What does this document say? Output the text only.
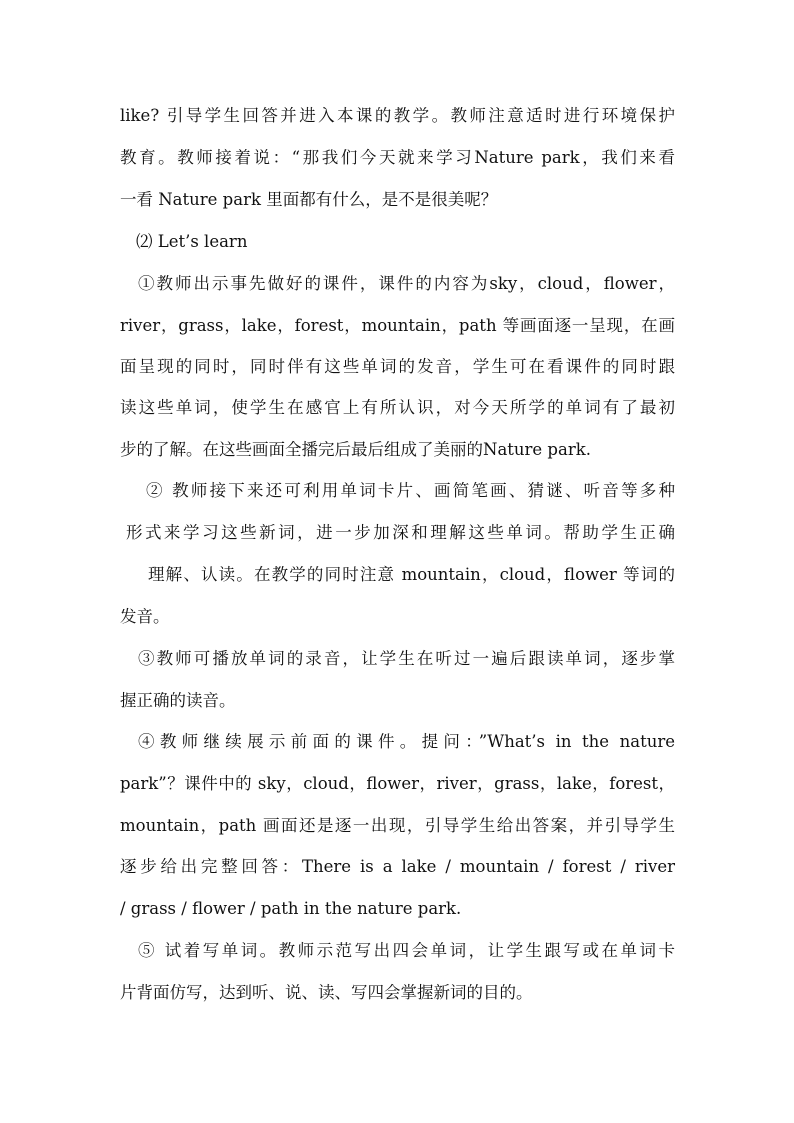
like? 引导学生回答并进入本课的教学。教师注意适时进行环境保护
教育。教师接着说：“那我们今天就来学习Nature park，我们来看
一看 Nature park 里面都有什么，是不是很美呢？
⑵ Let’s learn
①教师出示事先做好的课件，课件的内容为sky，cloud，flower，
river，grass，lake，forest，mountain，path 等画面逐一呈现，在画
面呈现的同时，同时伴有这些单词的发音，学生可在看课件的同时跟
读这些单词，使学生在感官上有所认识，对今天所学的单词有了最初
步的了解。在这些画面全播完后最后组成了美丽的Nature park.
② 教师接下来还可利用单词卡片、画简笔画、猜谜、听音等多种
形式来学习这些新词，进一步加深和理解这些单词。帮助学生正确
理解、认读。在教学的同时注意 mountain，cloud，flower 等词的
发音。
③教师可播放单词的录音，让学生在听过一遍后跟读单词，逐步掌
握正确的读音。
④教师继续展示前面的课件。提问：”What’s in the nature
park”？课件中的 sky，cloud，flower，river，grass，lake，forest，
mountain，path 画面还是逐一出现，引导学生给出答案，并引导学生
逐步给出完整回答：There is a lake / mountain / forest / river
/ grass / flower / path in the nature park.
⑤ 试着写单词。教师示范写出四会单词，让学生跟写或在单词卡
片背面仿写，达到听、说、读、写四会掌握新词的目的。
